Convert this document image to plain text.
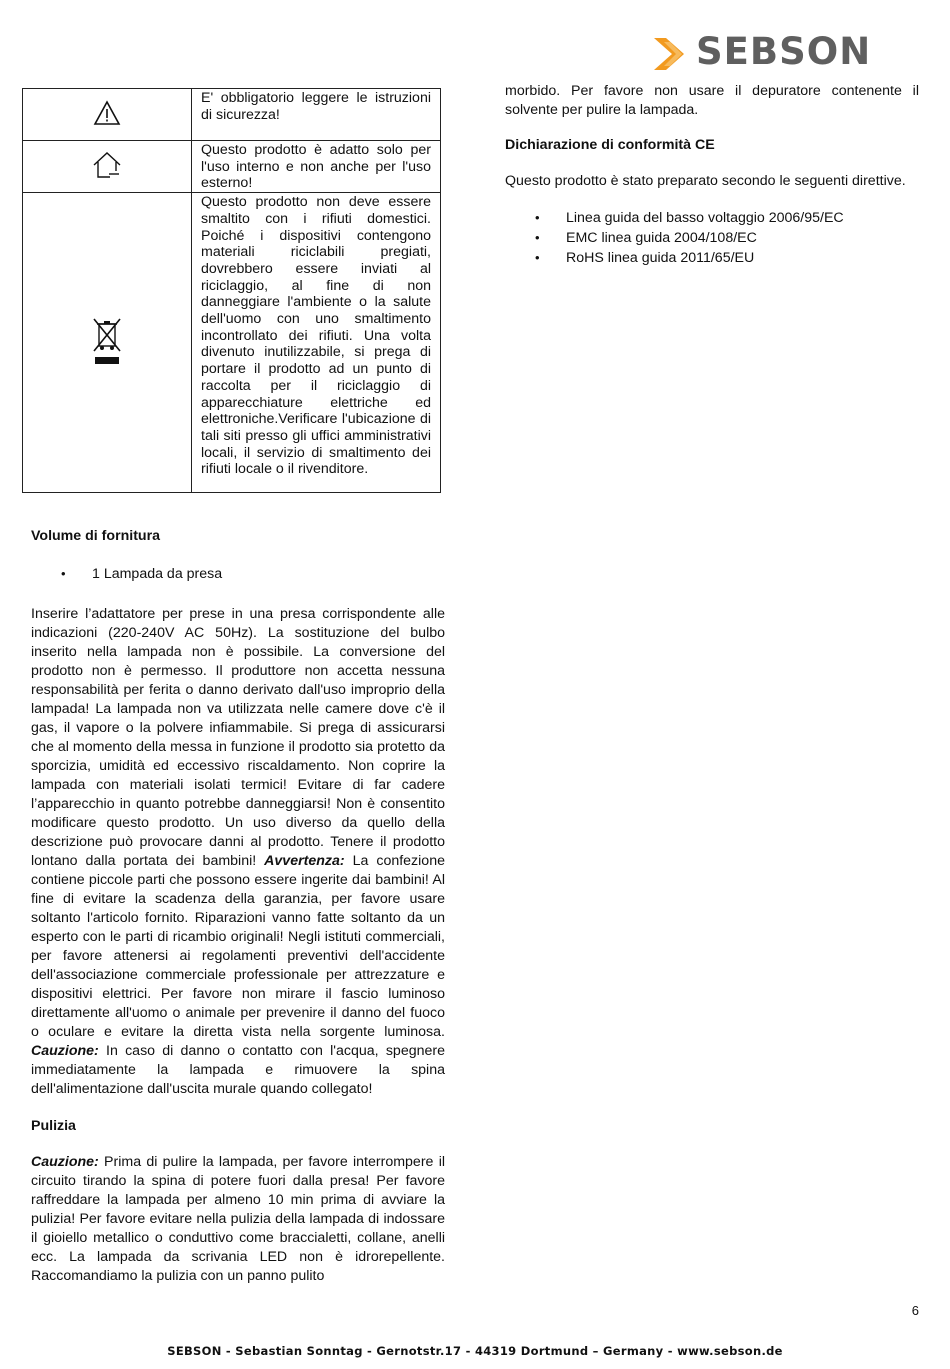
SEBSON
	E' obbligatorio leggere le istruzioni di sicurezza!
	Questo prodotto è adatto solo per l'uso interno e non anche per l'uso esterno!
	Questo prodotto non deve essere smaltito con i rifiuti domestici. Poiché i dispositivi contengono materiali riciclabili pregiati, dovrebbero essere inviati al riciclaggio, al fine di non danneggiare l'ambiente o la salute dell'uomo con uno smaltimento incontrollato dei rifiuti. Una volta divenuto inutilizzabile, si prega di portare il prodotto ad un punto di raccolta per il riciclaggio di apparecchiature elettriche ed elettroniche.Verificare l'ubicazione di tali siti presso gli uffici amministrativi locali, il servizio di smaltimento dei rifiuti locale o il rivenditore.
Volume di fornitura
• 1 Lampada da presa

Inserire l’adattatore per prese in una presa corrispondente alle indicazioni (220-240V AC 50Hz). La sostituzione del bulbo inserito nella lampada non è possibile. La conversione del prodotto non è permesso. Il produttore non accetta nessuna responsabilità per ferita o danno derivato dall'uso improprio della lampada! La lampada non va utilizzata nelle camere dove c'è il gas, il vapore o la polvere infiammabile. Si prega di assicurarsi che al momento della messa in funzione il prodotto sia protetto da sporcizia, umidità ed eccessivo riscaldamento. Non coprire la lampada con materiali isolati termici! Evitare di far cadere l’apparecchio in quanto potrebbe danneggiarsi! Non è consentito modificare questo prodotto. Un uso diverso da quello della descrizione può provocare danni al prodotto. Tenere il prodotto lontano dalla portata dei bambini! Avvertenza: La confezione contiene piccole parti che possono essere ingerite dai bambini! Al fine di evitare la scadenza della garanzia, per favore usare soltanto l'articolo fornito. Riparazioni vanno fatte soltanto da un esperto con le parti di ricambio originali! Negli istituti commerciali, per favore attenersi ai regolamenti preventivi dell'accidente dell'associazione commerciale professionale per attrezzature e dispositivi elettrici. Per favore non mirare il fascio luminoso direttamente all'uomo o animale per prevenire il danno del fuoco o oculare e evitare la diretta vista nella sorgente luminosa. Cauzione: In caso di danno o contatto con l'acqua, spegnere immediatamente la lampada e rimuovere la spina dell'alimentazione dall'uscita murale quando collegato!

Pulizia

Cauzione: Prima di pulire la lampada, per favore interrompere il circuito tirando la spina di potere fuori dalla presa! Per favore raffreddare la lampada per almeno 10 min prima di avviare la pulizia! Per favore evitare nella pulizia della lampada di indossare il gioiello metallico o conduttivo come braccialetti, collane, anelli ecc. La lampada da scrivania LED non è idrorepellente. Raccomandiamo la pulizia con un panno pulito

morbido. Per favore non usare il depuratore contenente il solvente per pulire la lampada.

Dichiarazione di conformità CE

Questo prodotto è stato preparato secondo le seguenti direttive.

• Linea guida del basso voltaggio 2006/95/EC
• EMC linea guida 2004/108/EC
• RoHS linea guida 2011/65/EU
6
SEBSON - Sebastian Sonntag - Gernotstr.17 - 44319 Dortmund – Germany - www.sebson.de
